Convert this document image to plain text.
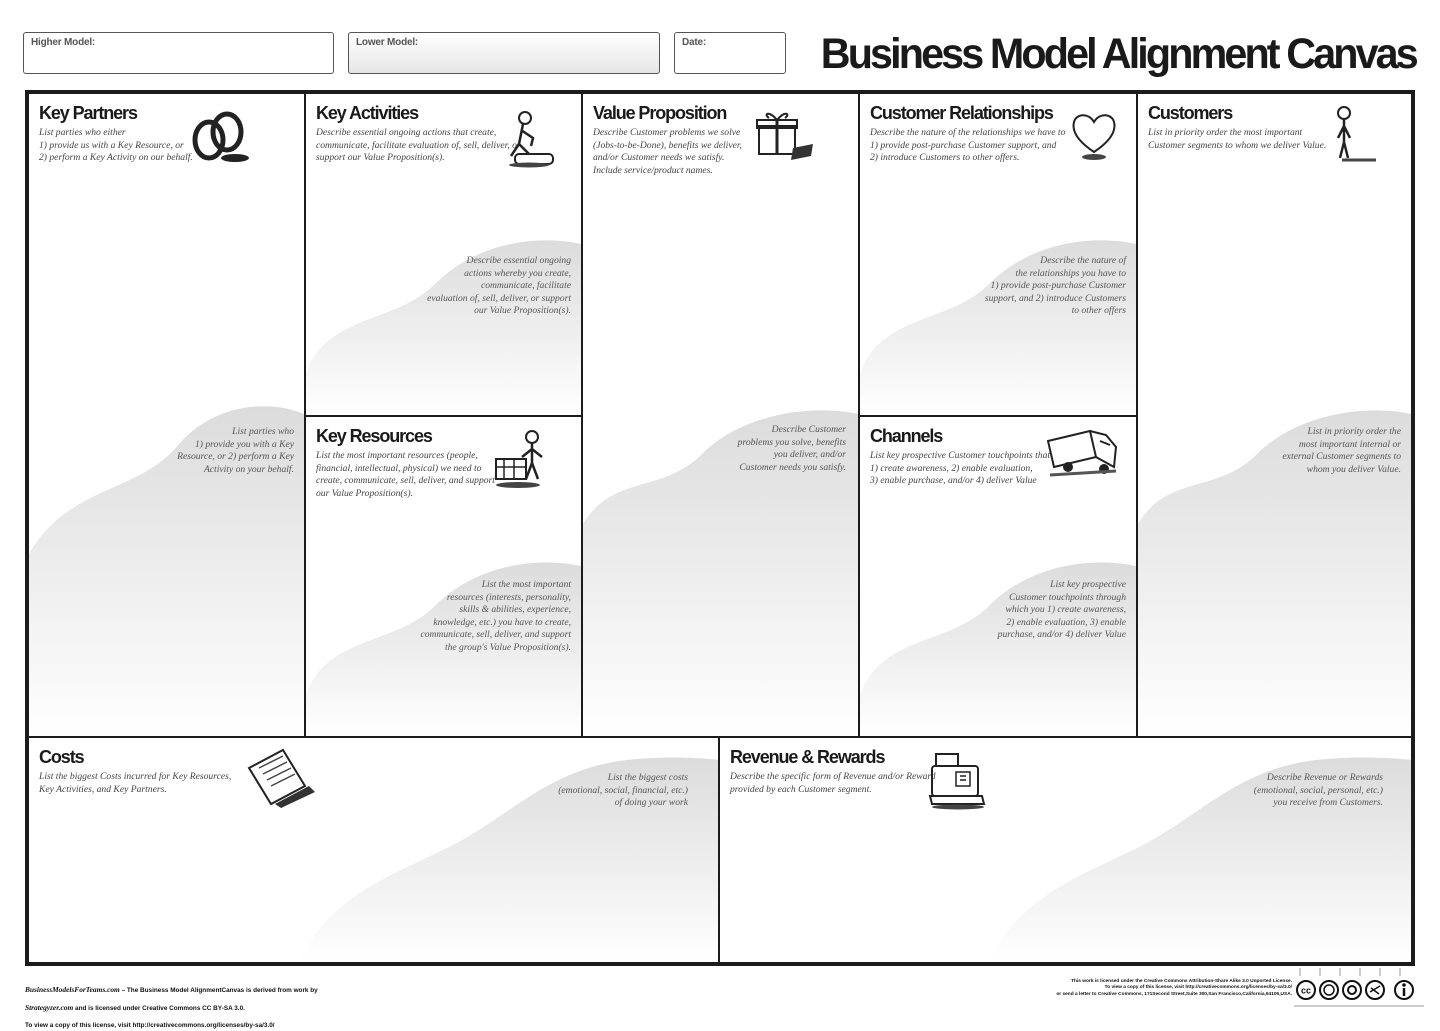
Higher Model:	Lower Model:	Date:	Business Model Alignment Canvas
Key Partners
List parties who either
1) provide us with a Key Resource, or
2) perform a Key Activity on our behalf.
List parties who
1) provide you with a Key
Resource, or 2) perform a Key
Activity on your behalf.
Key Activities
Describe essential ongoing actions that create,
communicate, facilitate evaluation of, sell, deliver, or
support our Value Proposition(s).
Describe essential ongoing
actions whereby you create,
communicate, facilitate
evaluation of, sell, deliver, or support
our Value Proposition(s).
Key Resources
List the most important resources (people,
financial, intellectual, physical) we need to
create, communicate, sell, deliver, and support
our Value Proposition(s).
List the most important
resources (interests, personality,
skills & abilities, experience,
knowledge, etc.) you have to create,
communicate, sell, deliver, and support
the group's Value Proposition(s).
Value Proposition
Describe Customer problems we solve
(Jobs-to-be-Done), benefits we deliver,
and/or Customer needs we satisfy.
Include service/product names.
Describe Customer
problems you solve, benefits
you deliver, and/or
Customer needs you satisfy.
Customer Relationships
Describe the nature of the relationships we have to
1) provide post-purchase Customer support, and
2) introduce Customers to other offers.
Describe the nature of
the relationships you have to
1) provide post-purchase Customer
support, and 2) introduce Customers
to other offers
Channels
List key prospective Customer touchpoints that
1) create awareness, 2) enable evaluation,
3) enable purchase, and/or 4) deliver Value
List key prospective
Customer touchpoints through
which you 1) create awareness,
2) enable evaluation, 3) enable
purchase, and/or 4) deliver Value
Customers
List in priority order the most important
Customer segments to whom we deliver Value.
List in priority order the
most important internal or
external Customer segments to
whom you deliver Value.
Costs
List the biggest Costs incurred for Key Resources,
Key Activities, and Key Partners.
List the biggest costs
(emotional, social, financial, etc.)
of doing your work
Revenue & Rewards
Describe the specific form of Revenue and/or Reward
provided by each Customer segment.
Describe Revenue or Rewards
(emotional, social, personal, etc.)
you receive from Customers.

BusinessModelsForTeams.com – The Business Model AlignmentCanvas is derived from work by

Strategyzer.com and is licensed under Creative Commons CC BY-SA 3.0.

To view a copy of this license, visit http://creativecommons.org/licenses/by-sa/3.0/

This work is licensed under the Creative Commons Attribution-Share Alike 3.0 Unported License.
To view a copy of this license, visit http://creativecommons.org/licenses/by-sa/3.0/
or send a letter to Creative Commons, 171Second Street,Suite 300,San Francisco,California,94105,USA. cc
